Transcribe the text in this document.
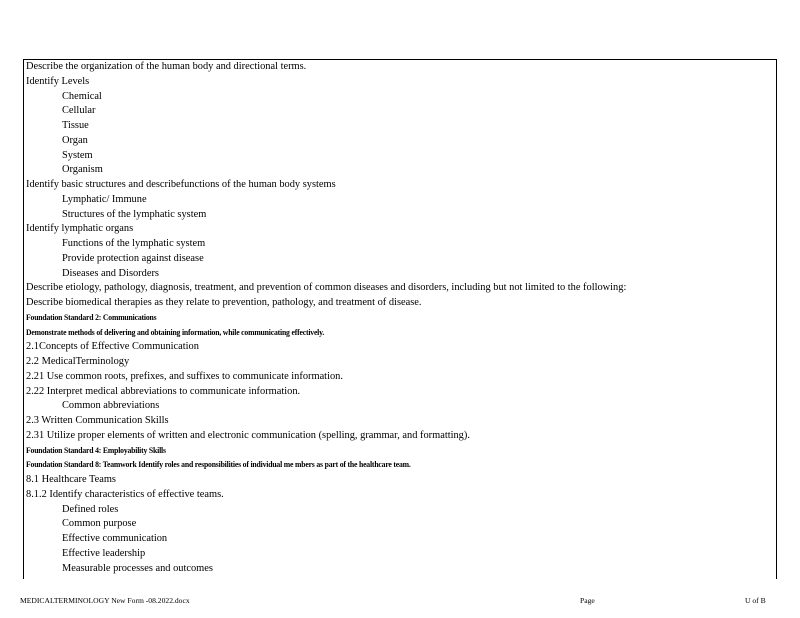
Describe the organization of the human body and directional terms.
Identify Levels
Chemical
Cellular
Tissue
Organ
System
Organism
Identify basic structures and describefunctions of the human body systems
Lymphatic/ Immune
Structures of the lymphatic system
Identify lymphatic organs
Functions of the lymphatic system
Provide protection against disease
Diseases and Disorders
Describe etiology, pathology, diagnosis, treatment, and prevention of common diseases and disorders, including but not limited to the following:
Describe biomedical therapies as they relate to prevention, pathology, and treatment of disease.
Foundation Standard 2: Communications
Demonstrate methods of delivering and obtaining information, while communicating effectively.
2.1Concepts of Effective Communication
2.2 MedicalTerminology
2.21 Use common roots, prefixes, and suffixes to communicate information.
2.22 Interpret medical abbreviations to communicate information.
Common abbreviations
2.3 Written Communication Skills
2.31 Utilize proper elements of written and electronic communication (spelling, grammar, and formatting).
Foundation Standard 4: Employability Skills
Foundation Standard 8: Teamwork Identify roles and responsibilities of individual me mbers as part of the healthcare team.
8.1 Healthcare Teams
8.1.2 Identify characteristics of effective teams.
Defined roles
Common purpose
Effective communication
Effective leadership
Measurable processes and outcomes
MEDICALTERMINOLOGY New Form -08.2022.docx	Page	U of B
